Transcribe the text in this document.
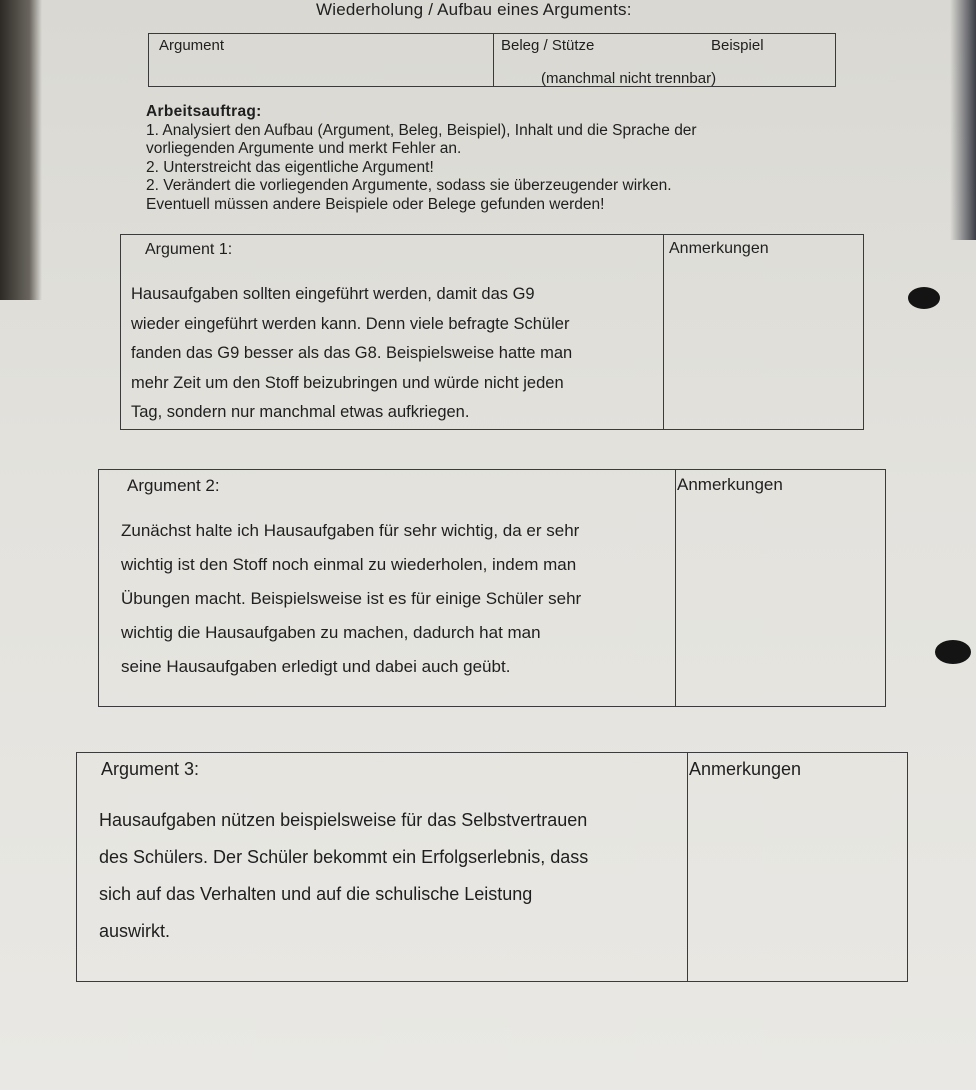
Wiederholung / Aufbau eines Arguments:
Argument	Beleg / Stütze	Beispiel
(manchmal nicht trennbar)
Arbeitsauftrag:
1. Analysiert den Aufbau (Argument, Beleg, Beispiel), Inhalt und die Sprache der
vorliegenden Argumente und merkt Fehler an.
2. Unterstreicht das eigentliche Argument!
2. Verändert die vorliegenden Argumente, sodass sie überzeugender wirken.
Eventuell müssen andere Beispiele oder Belege gefunden werden!
Argument 1:	Anmerkungen
Hausaufgaben sollten eingeführt werden, damit das G9
wieder eingeführt werden kann. Denn viele befragte Schüler
fanden das G9 besser als das G8. Beispielsweise hatte man
mehr Zeit um den Stoff beizubringen und würde nicht jeden
Tag, sondern nur manchmal etwas aufkriegen.
Argument 2:	Anmerkungen
Zunächst halte ich Hausaufgaben für sehr wichtig, da er sehr
wichtig ist den Stoff noch einmal zu wiederholen, indem man
Übungen macht. Beispielsweise ist es für einige Schüler sehr
wichtig die Hausaufgaben zu machen, dadurch hat man
seine Hausaufgaben erledigt und dabei auch geübt.
Argument 3:	Anmerkungen
Hausaufgaben nützen beispielsweise für das Selbstvertrauen
des Schülers. Der Schüler bekommt ein Erfolgserlebnis, dass
sich auf das Verhalten und auf die schulische Leistung
auswirkt.
